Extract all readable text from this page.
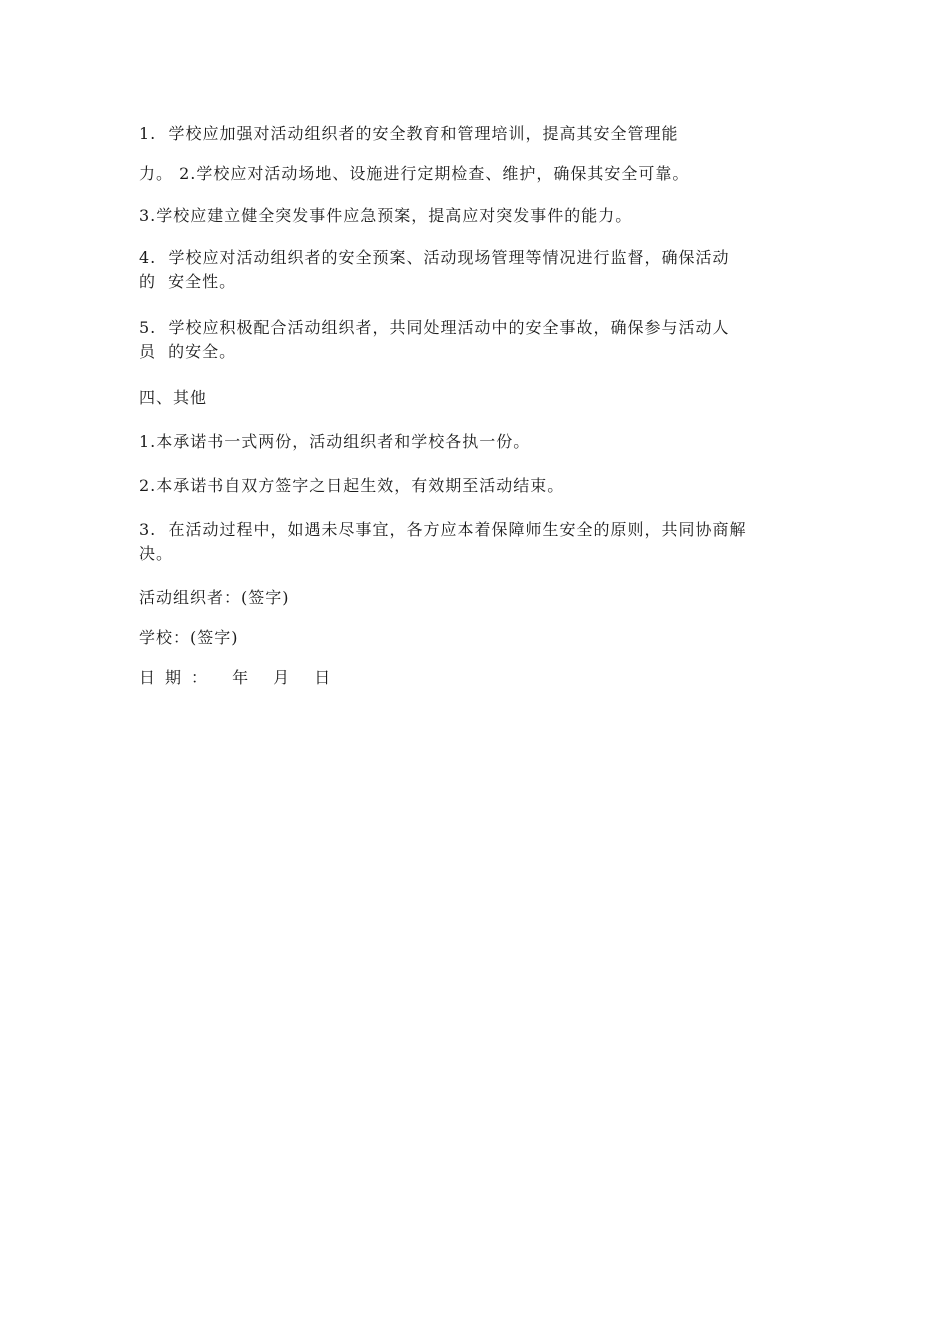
1.  学校应加强对活动组织者的安全教育和管理培训，提高其安全管理能

力。 2.学校应对活动场地、设施进行定期检查、维护，确保其安全可靠。

3.学校应建立健全突发事件应急预案，提高应对突发事件的能力。

4.  学校应对活动组织者的安全预案、活动现场管理等情况进行监督，确保活动

的  安全性。

5.  学校应积极配合活动组织者，共同处理活动中的安全事故，确保参与活动人

员  的安全。

四、其他

1.本承诺书一式两份，活动组织者和学校各执一份。

2.本承诺书自双方签字之日起生效，有效期至活动结束。

3.  在活动过程中，如遇未尽事宜，各方应本着保障师生安全的原则，共同协商解

决。

活动组织者：(签字)

学校：(签字)

日期： 年 月 日
